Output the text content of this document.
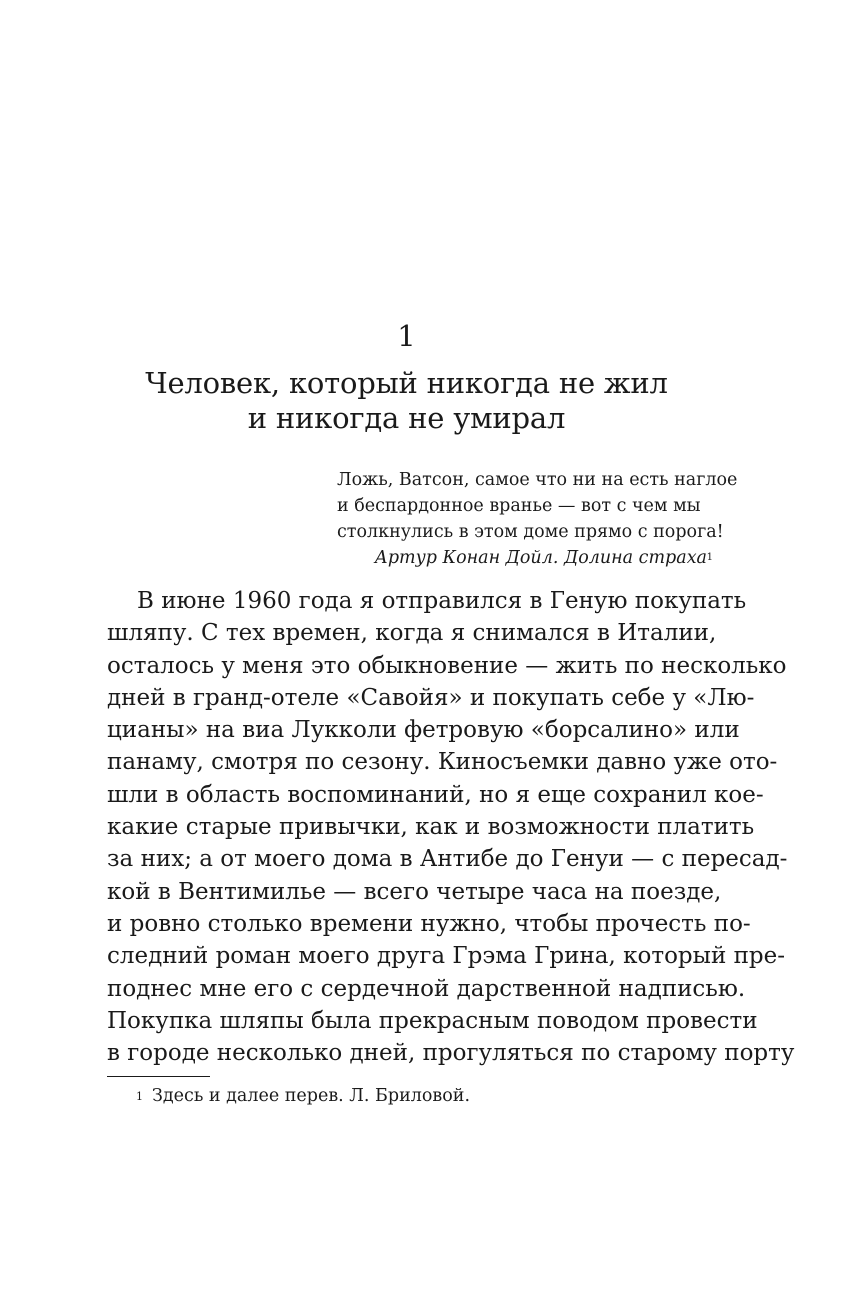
1
Человек, который никогда не жил
и никогда не умирал
Ложь, Ватсон, самое что ни на есть наглое
и беспардонное вранье — вот с чем мы
столкнулись в этом доме прямо с порога!
Артур Конан Дойл. Долина страха 1
В июне 1960 года я отправился в Геную покупать
шляпу. С тех времен, когда я снимался в Италии,
осталось у меня это обыкновение — жить по несколько
дней в гранд-отеле «Савойя» и покупать себе у «Лю-
цианы» на виа Лукколи фетровую «борсалино» или
панаму, смотря по сезону. Киносъемки давно уже ото-
шли в область воспоминаний, но я еще сохранил кое-
какие старые привычки, как и возможности платить
за них; а от моего дома в Антибе до Генуи — с пересад-
кой в Вентимилье — всего четыре часа на поезде,
и ровно столько времени нужно, чтобы прочесть по-
следний роман моего друга Грэма Грина, который пре-
поднес мне его с сердечной дарственной надписью.
Покупка шляпы была прекрасным поводом провести
в городе несколько дней, прогуляться по старому порту
$^1$ Здесь и далее перев. Л. Бриловой.
